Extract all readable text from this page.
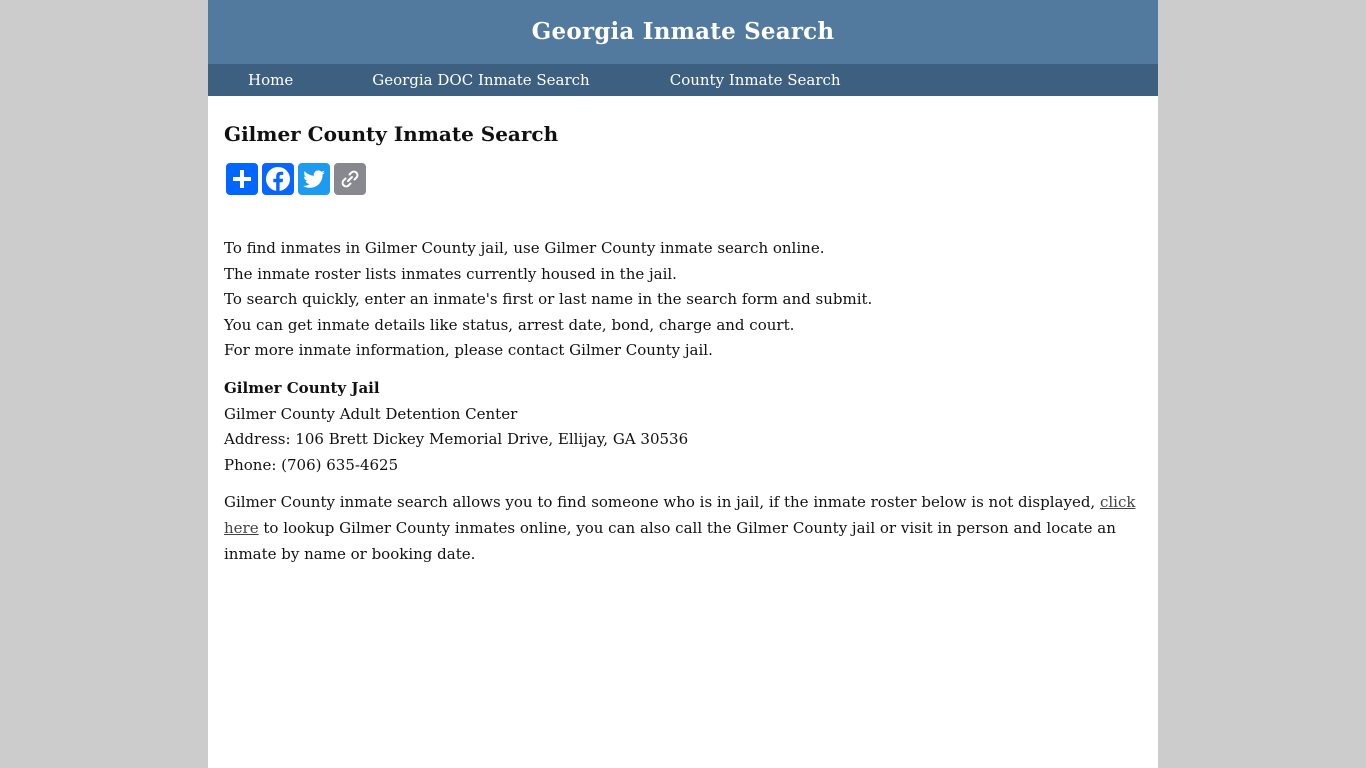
Georgia Inmate Search
Home	Georgia DOC Inmate Search	County Inmate Search
Gilmer County Inmate Search
To find inmates in Gilmer County jail, use Gilmer County inmate search online.
The inmate roster lists inmates currently housed in the jail.
To search quickly, enter an inmate's first or last name in the search form and submit.
You can get inmate details like status, arrest date, bond, charge and court.
For more inmate information, please contact Gilmer County jail.
Gilmer County Jail
Gilmer County Adult Detention Center
Address: 106 Brett Dickey Memorial Drive, Ellijay, GA 30536
Phone: (706) 635-4625
Gilmer County inmate search allows you to find someone who is in jail, if the inmate roster below is not displayed, click here to lookup Gilmer County inmates online, you can also call the Gilmer County jail or visit in person and locate an inmate by name or booking date.
